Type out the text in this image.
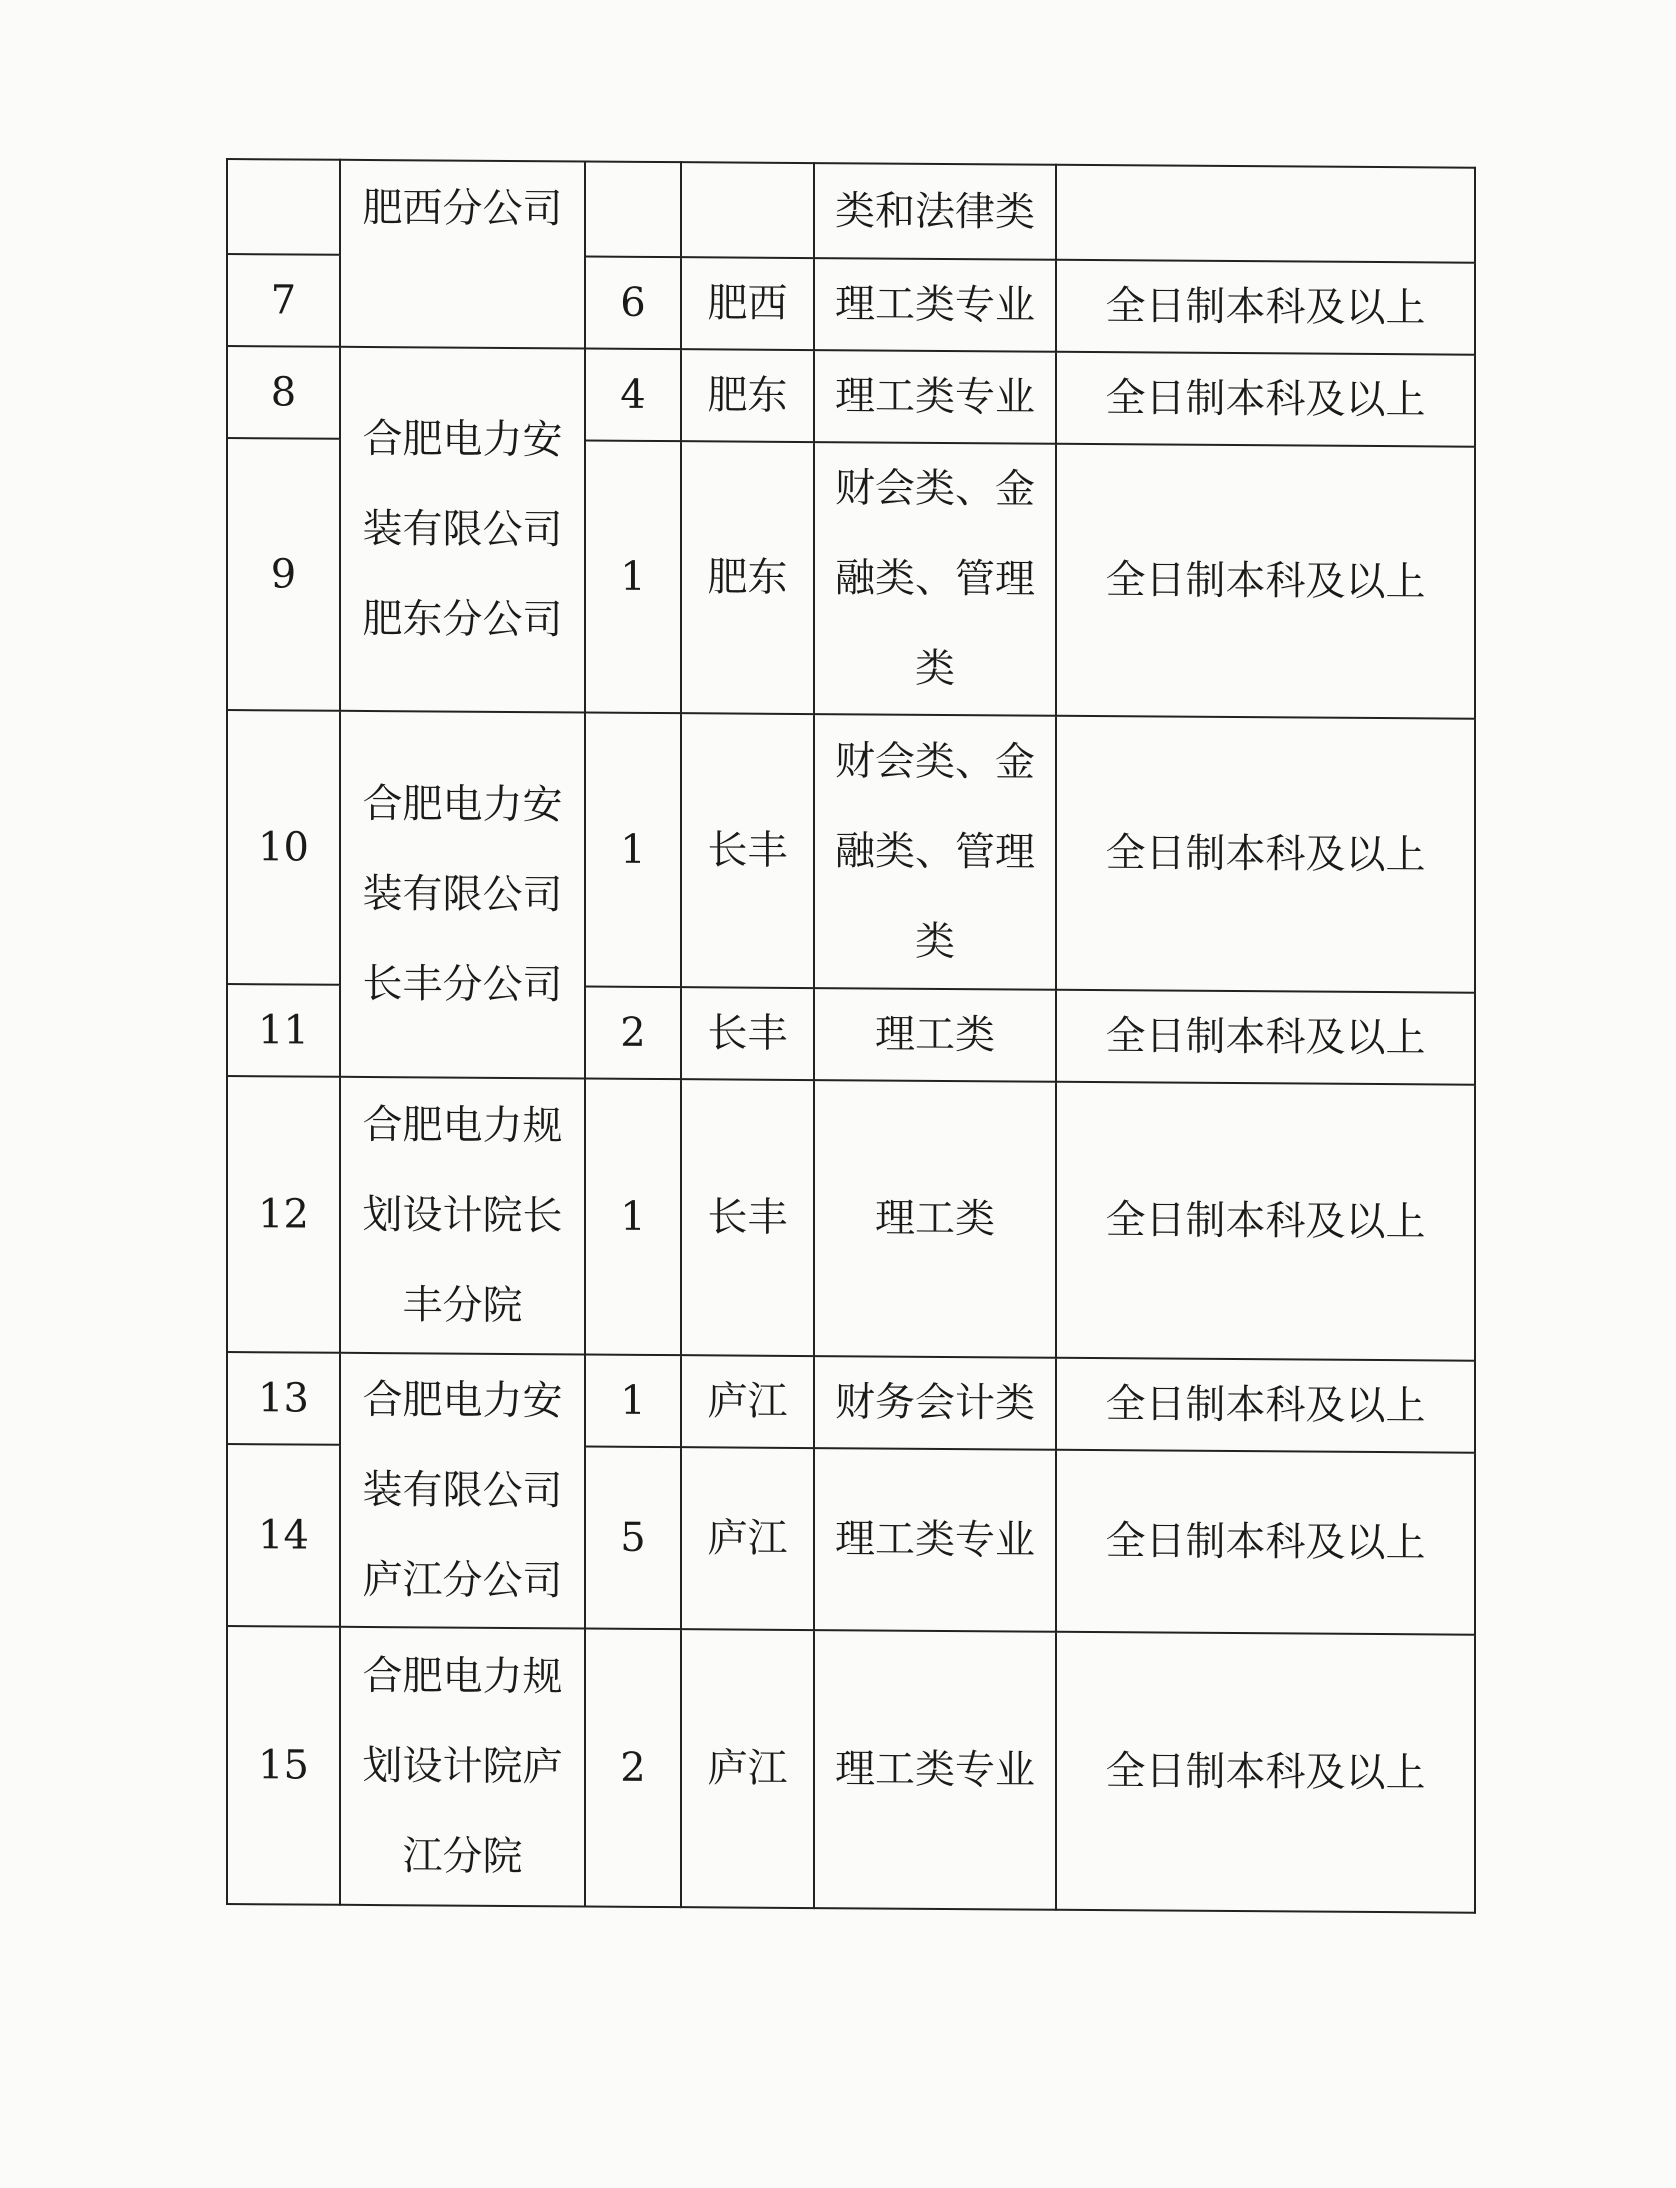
	肥西分公司			类和法律类	
7		6	肥西	理工类专业	全日制本科及以上
8	合肥电力安装有限公司肥东分公司	4	肥东	理工类专业	全日制本科及以上
9		1	肥东	财会类、金融类、管理类	全日制本科及以上
10	合肥电力安装有限公司长丰分公司	1	长丰	财会类、金融类、管理类	全日制本科及以上
11		2	长丰	理工类	全日制本科及以上
12	合肥电力规划设计院长丰分院	1	长丰	理工类	全日制本科及以上
13	合肥电力安装有限公司庐江分公司	1	庐江	财务会计类	全日制本科及以上
14		5	庐江	理工类专业	全日制本科及以上
15	合肥电力规划设计院庐江分院	2	庐江	理工类专业	全日制本科及以上
